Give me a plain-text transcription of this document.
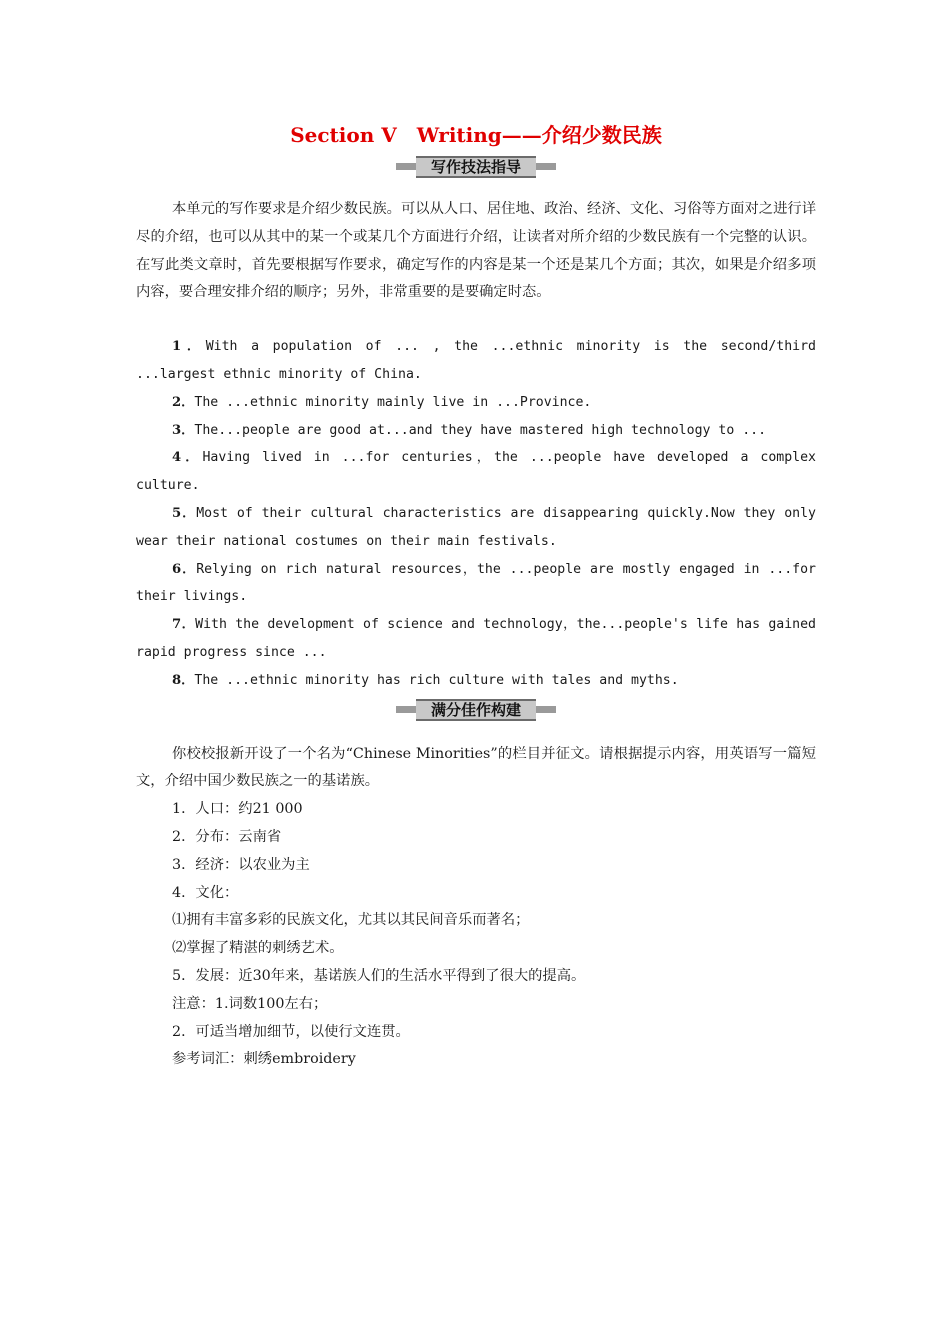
Section Ⅴ　Writing——介绍少数民族
写作技法指导

本单元的写作要求是介绍少数民族。可以从人口、居住地、政治、经济、文化、习俗等方面对之进行详尽的介绍，也可以从其中的某一个或某几个方面进行介绍，让读者对所介绍的少数民族有一个完整的认识。在写此类文章时，首先要根据写作要求，确定写作的内容是某一个还是某几个方面；其次，如果是介绍多项内容，要合理安排介绍的顺序；另外，非常重要的是要确定时态。

1．With a population of ... , the ...ethnic minority is the second/third ...largest ethnic minority of China.

2．The ...ethnic minority mainly live in ...Province.

3．The...people are good at...and they have mastered high technology to ...

4．Having lived in ...for centuries，the ...people have developed a complex culture.

5．Most of their cultural characteristics are disappearing quickly.Now they only wear their national costumes on their main festivals.

6．Relying on rich natural resources，the ...people are mostly engaged in ...for their livings.

7．With the development of science and technology，the...people's life has gained rapid progress since ...

8．The ...ethnic minority has rich culture with tales and myths.

满分佳作构建

你校校报新开设了一个名为“Chinese Minorities”的栏目并征文。请根据提示内容，用英语写一篇短文，介绍中国少数民族之一的基诺族。

1．人口：约21 000

2．分布：云南省

3．经济：以农业为主

4．文化：

⑴拥有丰富多彩的民族文化，尤其以其民间音乐而著名；

⑵掌握了精湛的刺绣艺术。

5．发展：近30年来，基诺族人们的生活水平得到了很大的提高。

注意：1.词数100左右；

2．可适当增加细节，以使行文连贯。

参考词汇：刺绣embroidery
